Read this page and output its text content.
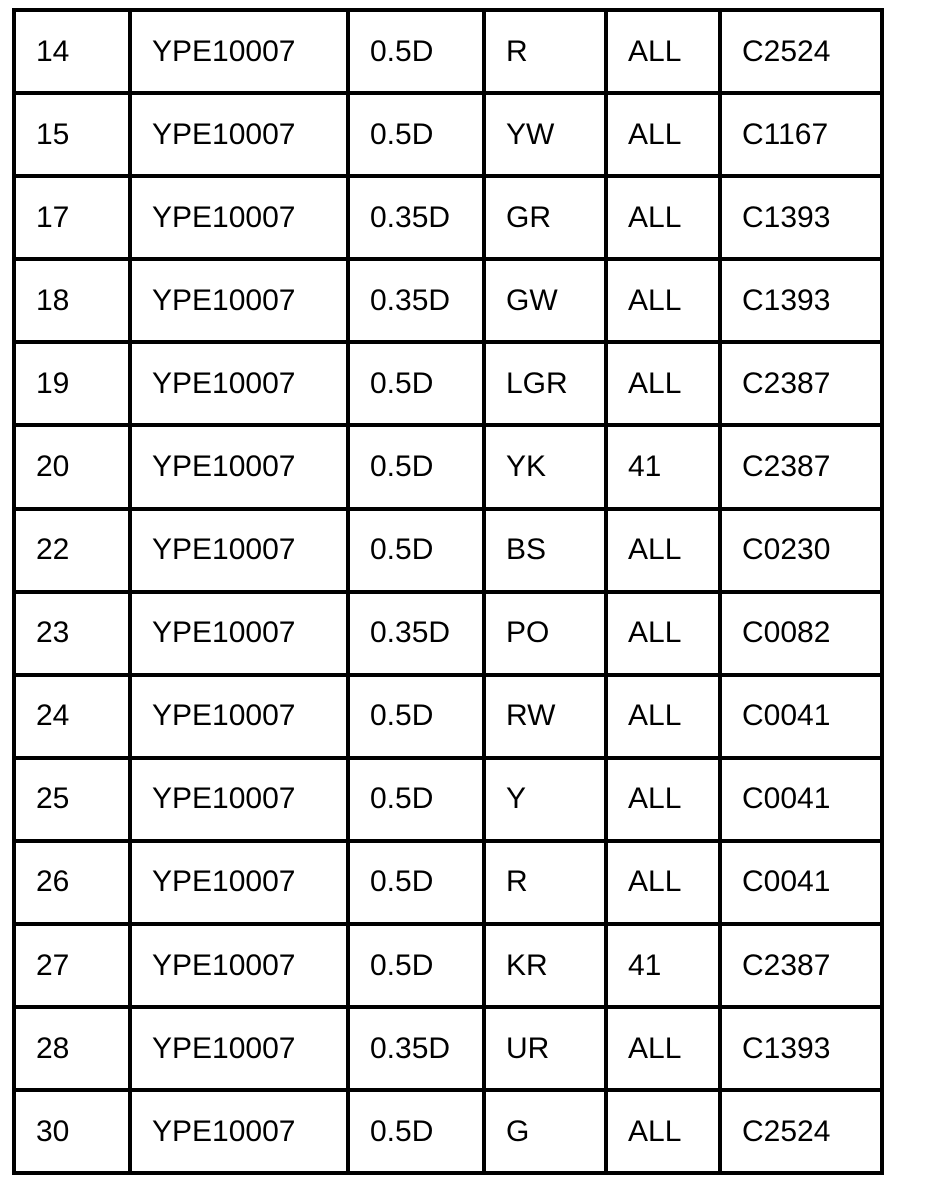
14	YPE10007	0.5D	R	ALL	C2524
15	YPE10007	0.5D	YW	ALL	C1167
17	YPE10007	0.35D	GR	ALL	C1393
18	YPE10007	0.35D	GW	ALL	C1393
19	YPE10007	0.5D	LGR	ALL	C2387
20	YPE10007	0.5D	YK	41	C2387
22	YPE10007	0.5D	BS	ALL	C0230
23	YPE10007	0.35D	PO	ALL	C0082
24	YPE10007	0.5D	RW	ALL	C0041
25	YPE10007	0.5D	Y	ALL	C0041
26	YPE10007	0.5D	R	ALL	C0041
27	YPE10007	0.5D	KR	41	C2387
28	YPE10007	0.35D	UR	ALL	C1393
30	YPE10007	0.5D	G	ALL	C2524
